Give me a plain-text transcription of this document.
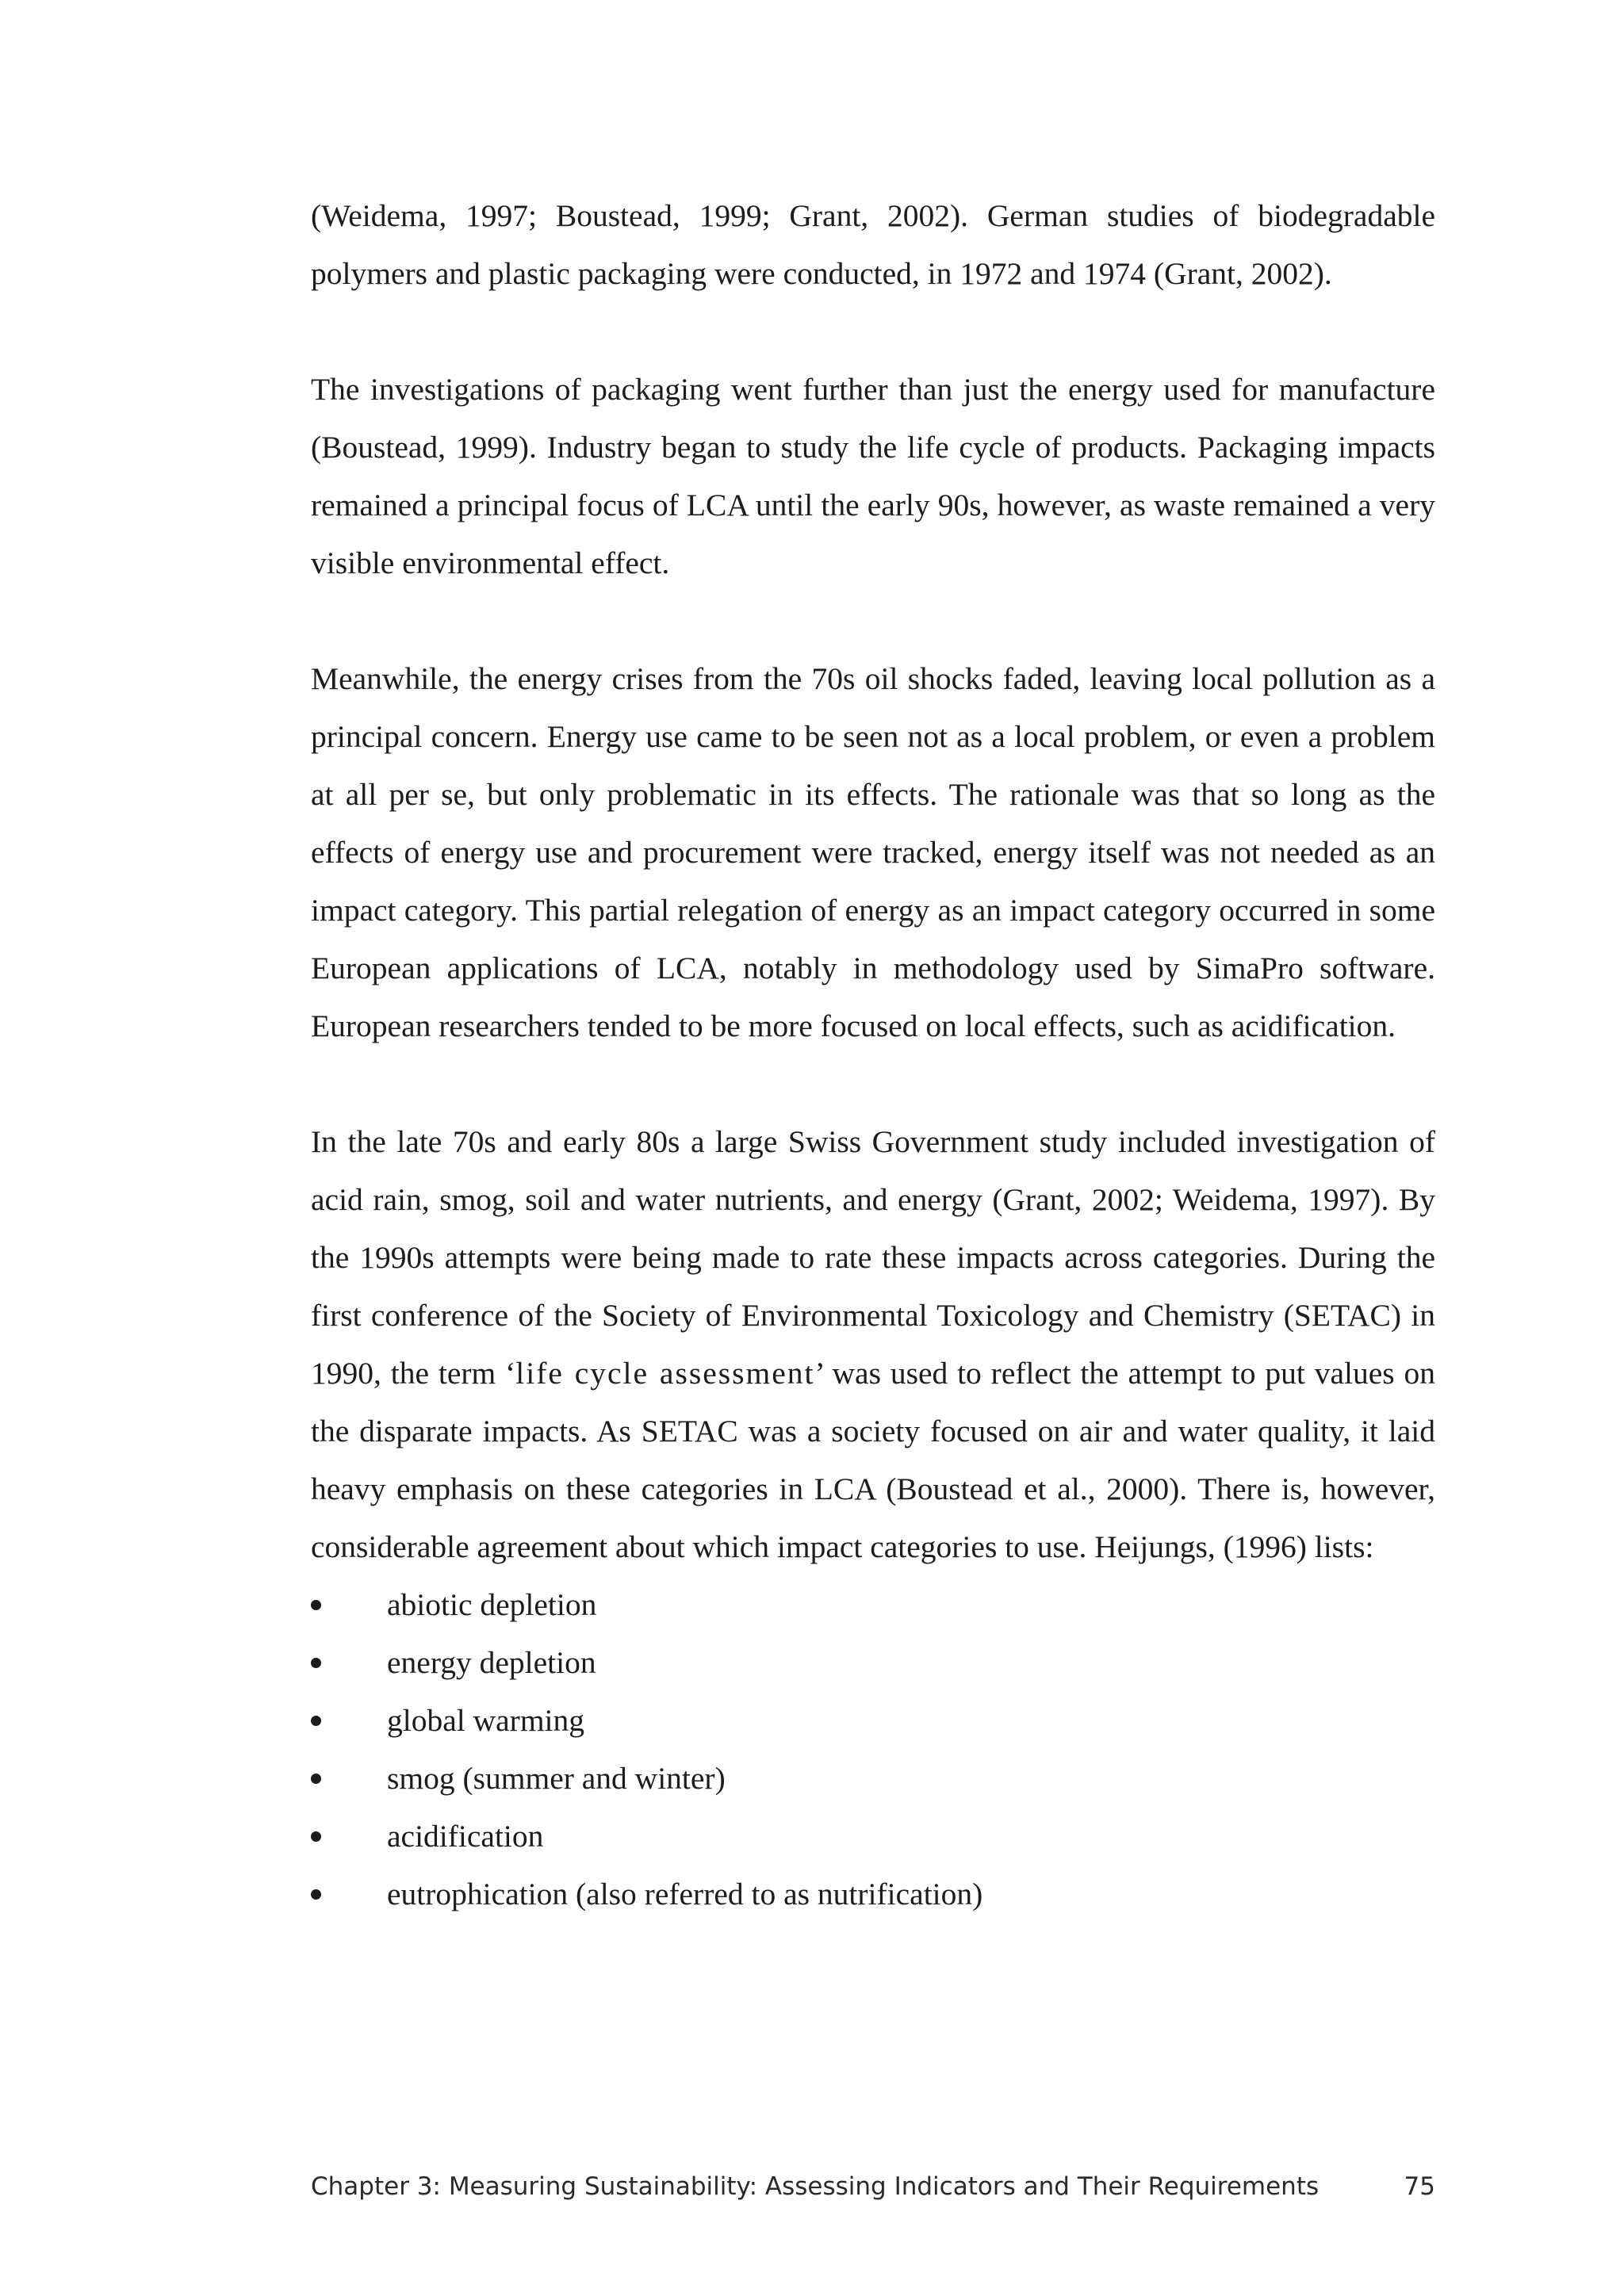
(Weidema, 1997; Boustead, 1999; Grant, 2002). German studies of biodegradable polymers and plastic packaging were conducted, in 1972 and 1974 (Grant, 2002).

The investigations of packaging went further than just the energy used for manufacture (Boustead, 1999). Industry began to study the life cycle of products. Packaging impacts remained a principal focus of LCA until the early 90s, however, as waste remained a very visible environmental effect.

Meanwhile, the energy crises from the 70s oil shocks faded, leaving local pollution as a principal concern. Energy use came to be seen not as a local problem, or even a problem at all per se, but only problematic in its effects. The rationale was that so long as the effects of energy use and procurement were tracked, energy itself was not needed as an impact category. This partial relegation of energy as an impact category occurred in some European applications of LCA, notably in methodology used by SimaPro software. European researchers tended to be more focused on local effects, such as acidification.

In the late 70s and early 80s a large Swiss Government study included investigation of acid rain, smog, soil and water nutrients, and energy (Grant, 2002; Weidema, 1997). By the 1990s attempts were being made to rate these impacts across categories. During the first conference of the Society of Environmental Toxicology and Chemistry (SETAC) in 1990, the term ‘life cycle assessment’ was used to reflect the attempt to put values on the disparate impacts. As SETAC was a society focused on air and water quality, it laid heavy emphasis on these categories in LCA (Boustead et al., 2000). There is, however, considerable agreement about which impact categories to use. Heijungs, (1996) lists:

abiotic depletion
energy depletion
global warming
smog (summer and winter)
acidification
eutrophication (also referred to as nutrification)
Chapter 3: Measuring Sustainability: Assessing Indicators and Their Requirements	75
